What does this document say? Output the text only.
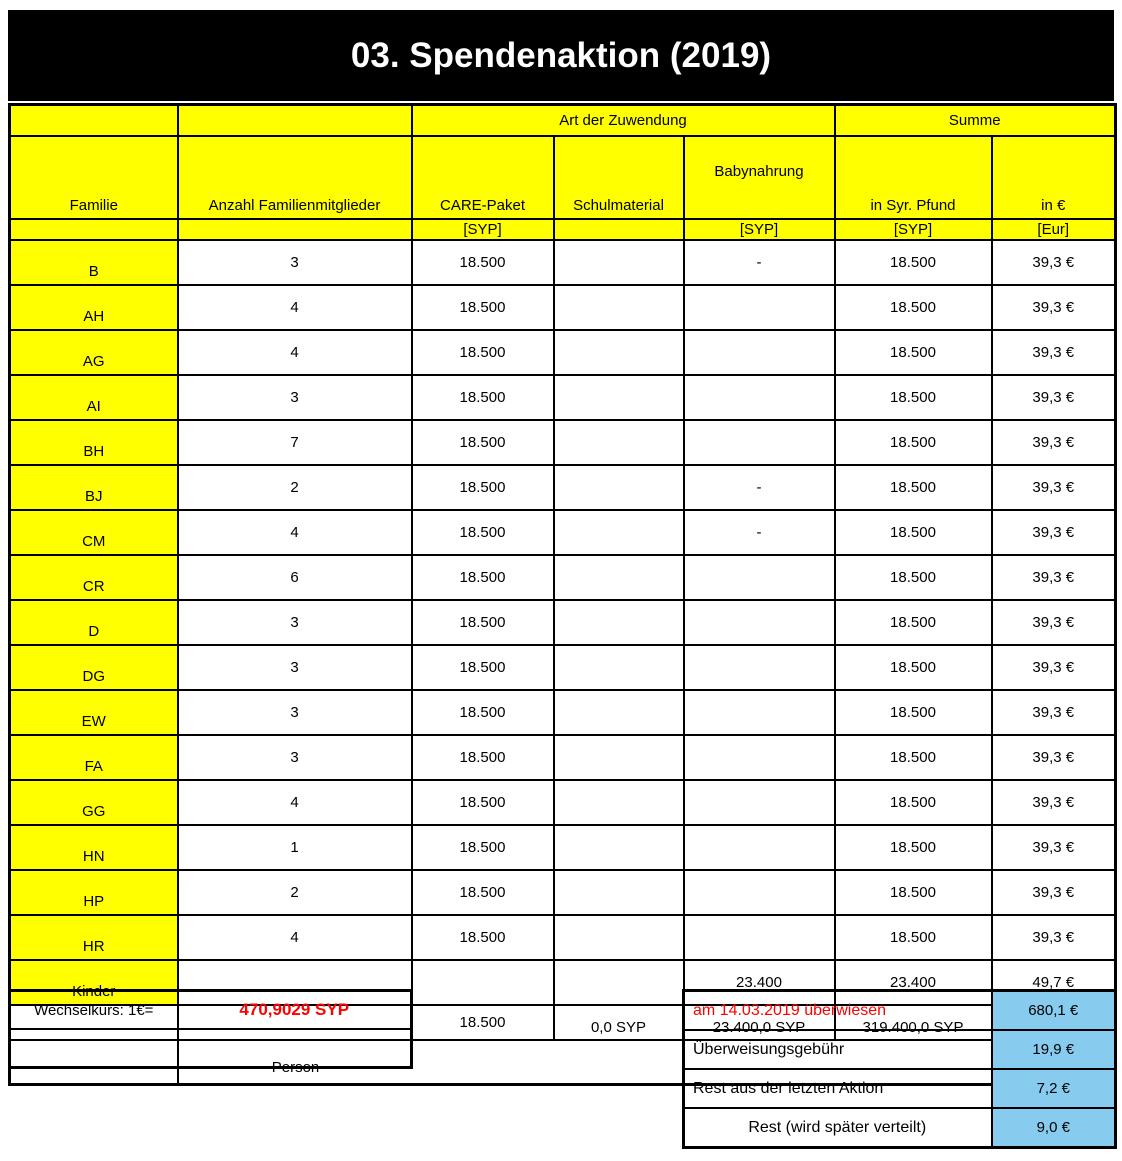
03. Spendenaktion (2019)
		Art der Zuwendung			Summe	
Familie	Anzahl Familienmitglieder	CARE-Paket	Schulmaterial	Babynahrung	in Syr. Pfund	in €
		[SYP]		[SYP]	[SYP]	[Eur]
B	3	18.500		-	18.500	39,3 €
AH	4	18.500			18.500	39,3 €
AG	4	18.500			18.500	39,3 €
AI	3	18.500			18.500	39,3 €
BH	7	18.500			18.500	39,3 €
BJ	2	18.500		-	18.500	39,3 €
CM	4	18.500		-	18.500	39,3 €
CR	6	18.500			18.500	39,3 €
D	3	18.500			18.500	39,3 €
DG	3	18.500			18.500	39,3 €
EW	3	18.500			18.500	39,3 €
FA	3	18.500			18.500	39,3 €
GG	4	18.500			18.500	39,3 €
HN	1	18.500			18.500	39,3 €
HP	2	18.500			18.500	39,3 €
HR	4	18.500			18.500	39,3 €
Kinder				23.400	23.400	49,7 €
		18.500	0,0 SYP	23.400,0 SYP	319.400,0 SYP	
	Person					
Wechselkurs: 1€=	470,9029 SYP
		am 14.03.2019 überwiesen	680,1 €
Überweisungsgebühr	19,9 €
Rest aus der letzten Aktion	7,2 €
Rest (wird später verteilt)	9,0 €
